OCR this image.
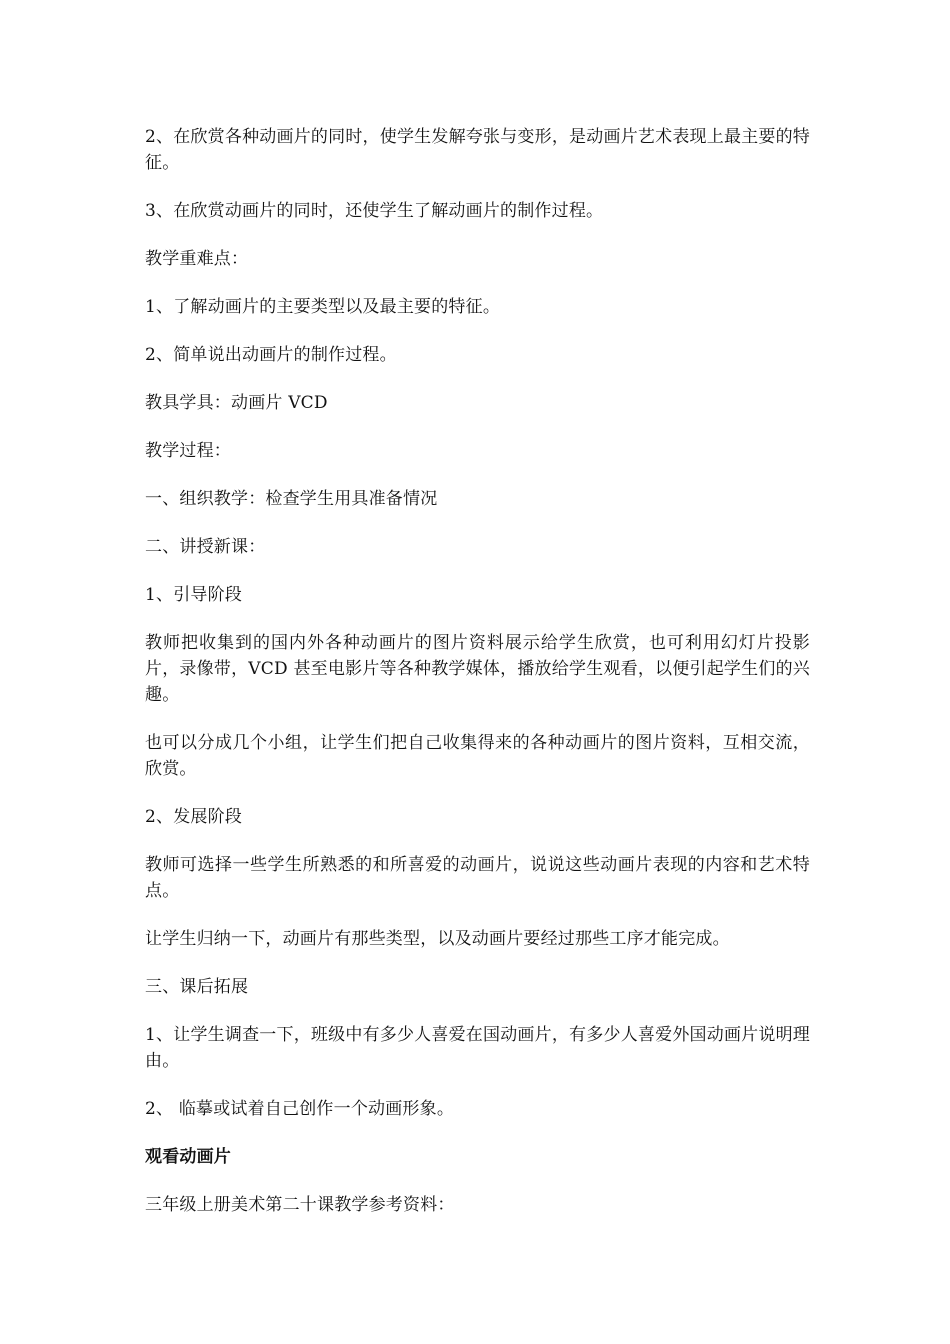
2、在欣赏各种动画片的同时，使学生发解夸张与变形，是动画片艺术表现上最主要的特征。

3、在欣赏动画片的同时，还使学生了解动画片的制作过程。

教学重难点：

1、了解动画片的主要类型以及最主要的特征。

2、简单说出动画片的制作过程。

教具学具：动画片 VCD

教学过程：

一、组织教学：检查学生用具准备情况

二、讲授新课：

1、引导阶段

教师把收集到的国内外各种动画片的图片资料展示给学生欣赏，也可利用幻灯片投影片，录像带，VCD 甚至电影片等各种教学媒体，播放给学生观看，以便引起学生们的兴趣。

也可以分成几个小组，让学生们把自己收集得来的各种动画片的图片资料，互相交流，欣赏。

2、发展阶段

教师可选择一些学生所熟悉的和所喜爱的动画片，说说这些动画片表现的内容和艺术特点。

让学生归纳一下，动画片有那些类型，以及动画片要经过那些工序才能完成。

三、课后拓展

1、让学生调查一下，班级中有多少人喜爱在国动画片，有多少人喜爱外国动画片说明理由。

2、 临摹或试着自己创作一个动画形象。

观看动画片

三年级上册美术第二十课教学参考资料：
